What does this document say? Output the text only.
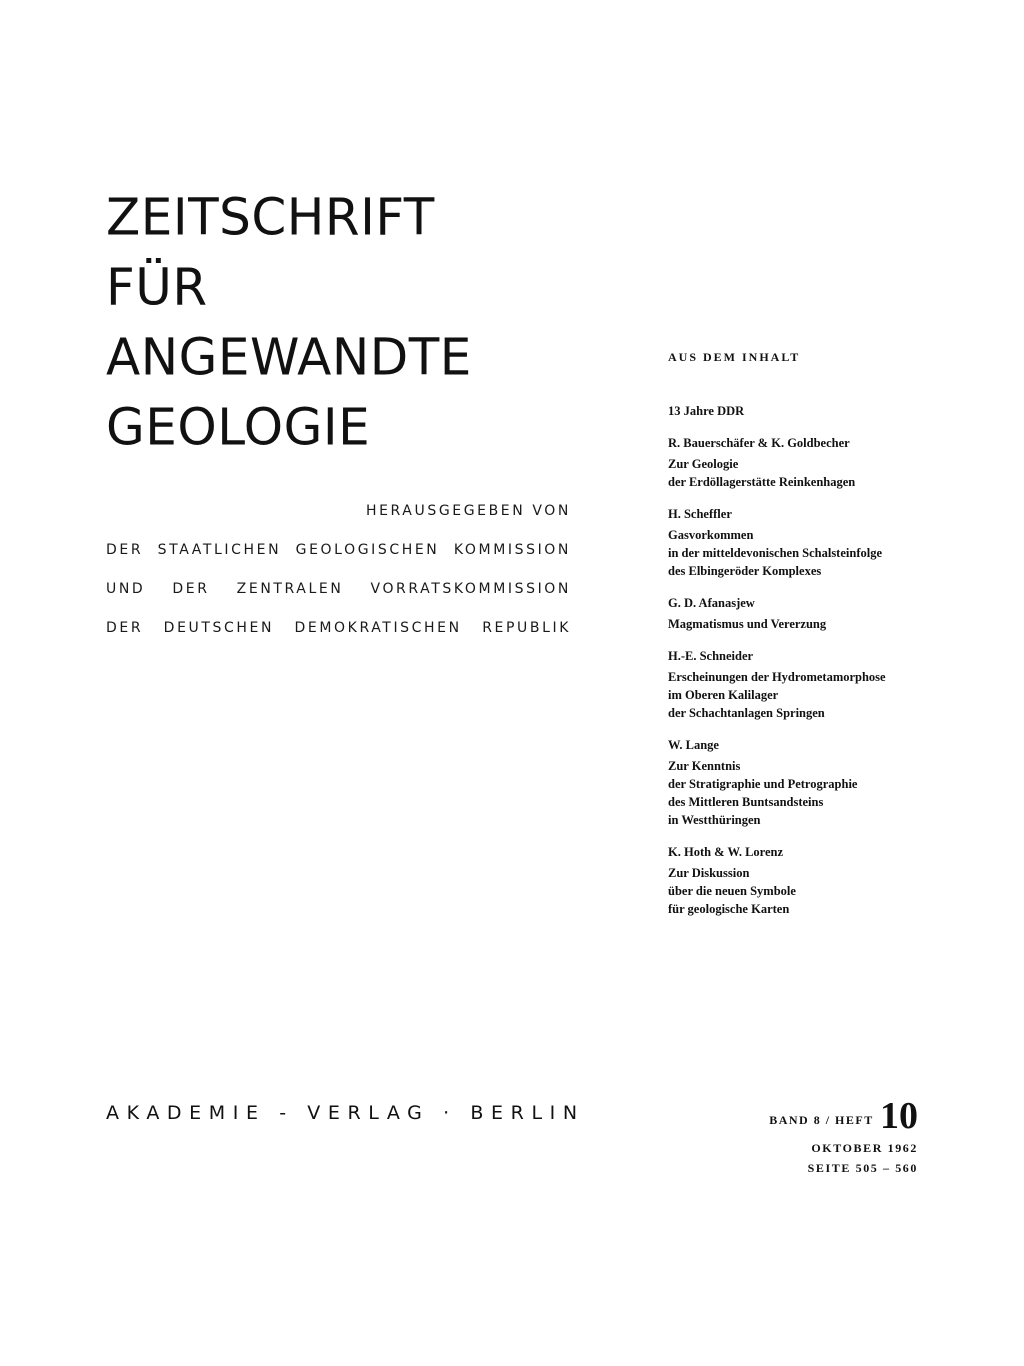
ZEITSCHRIFT
FÜR
ANGEWANDTE
GEOLOGIE
HERAUSGEGEBEN VON
DER STAATLICHEN GEOLOGISCHEN KOMMISSION
UND DER ZENTRALEN VORRATSKOMMISSION
DER DEUTSCHEN DEMOKRATISCHEN REPUBLIK
AUS DEM INHALT
13 Jahre DDR
R. Bauerschäfer & K. Goldbecher
Zur Geologie
der Erdöllagerstätte Reinkenhagen
H. Scheffler
Gasvorkommen
in der mitteldevonischen Schalsteinfolge
des Elbingeröder Komplexes
G. D. Afanasjew
Magmatismus und Vererzung
H.-E. Schneider
Erscheinungen der Hydrometamorphose
im Oberen Kalilager
der Schachtanlagen Springen
W. Lange
Zur Kenntnis
der Stratigraphie und Petrographie
des Mittleren Buntsandsteins
in Westthüringen
K. Hoth & W. Lorenz
Zur Diskussion
über die neuen Symbole
für geologische Karten
AKADEMIE - VERLAG · BERLIN	BAND 8 / HEFT 10
OKTOBER 1962
SEITE 505 – 560
